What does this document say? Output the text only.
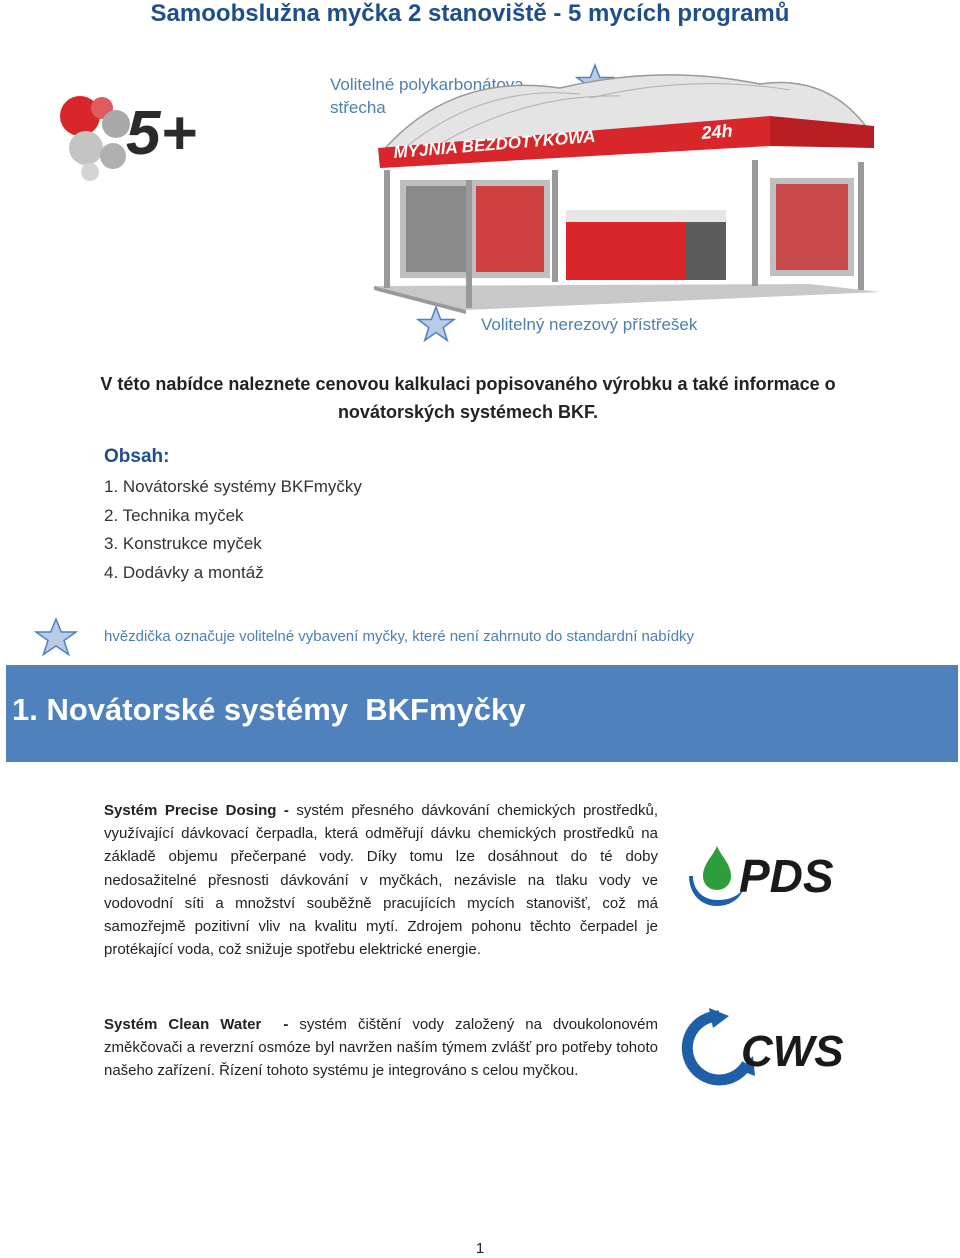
Samoobslužna myčka 2 stanoviště - 5 mycích programů
5+
Volitelné polykarbonátova střecha
Volitelný nerezový přístřešek
MYJNIA BEZDOTYKOWA	24h
V této nabídce naleznete cenovou kalkulaci popisovaného výrobku a také informace o novátorských systémech BKF.
Obsah:
1. Novátorské systémy BKFmyčky
2. Technika myček
3. Konstrukce myček
4. Dodávky a montáž
hvězdička označuje volitelné vybavení myčky, které není zahrnuto do standardní nabídky
1. Novátorské systémy  BKFmyčky
Systém Precise Dosing - systém přesného dávkování chemických prostředků, využívající dávkovací čerpadla, která odměřují dávku chemických prostředků na základě objemu přečerpané vody. Díky tomu lze dosáhnout do té doby nedosažitelné přesnosti dávkování v myčkách, nezávisle na tlaku vody ve vodovodní síti a množství souběžně pracujících mycích stanovišť, což má samozřejmě pozitivní vliv na kvalitu mytí. Zdrojem pohonu těchto čerpadel je protékající voda, což snižuje spotřebu elektrické energie.
PDS
Systém Clean Water  - systém čištění vody založený na dvoukolonovém změkčovači a reverzní osmóze byl navržen naším týmem zvlášť pro potřeby tohoto našeho zařízení. Řízení tohoto systému je integrováno s celou myčkou.	CWS
1
